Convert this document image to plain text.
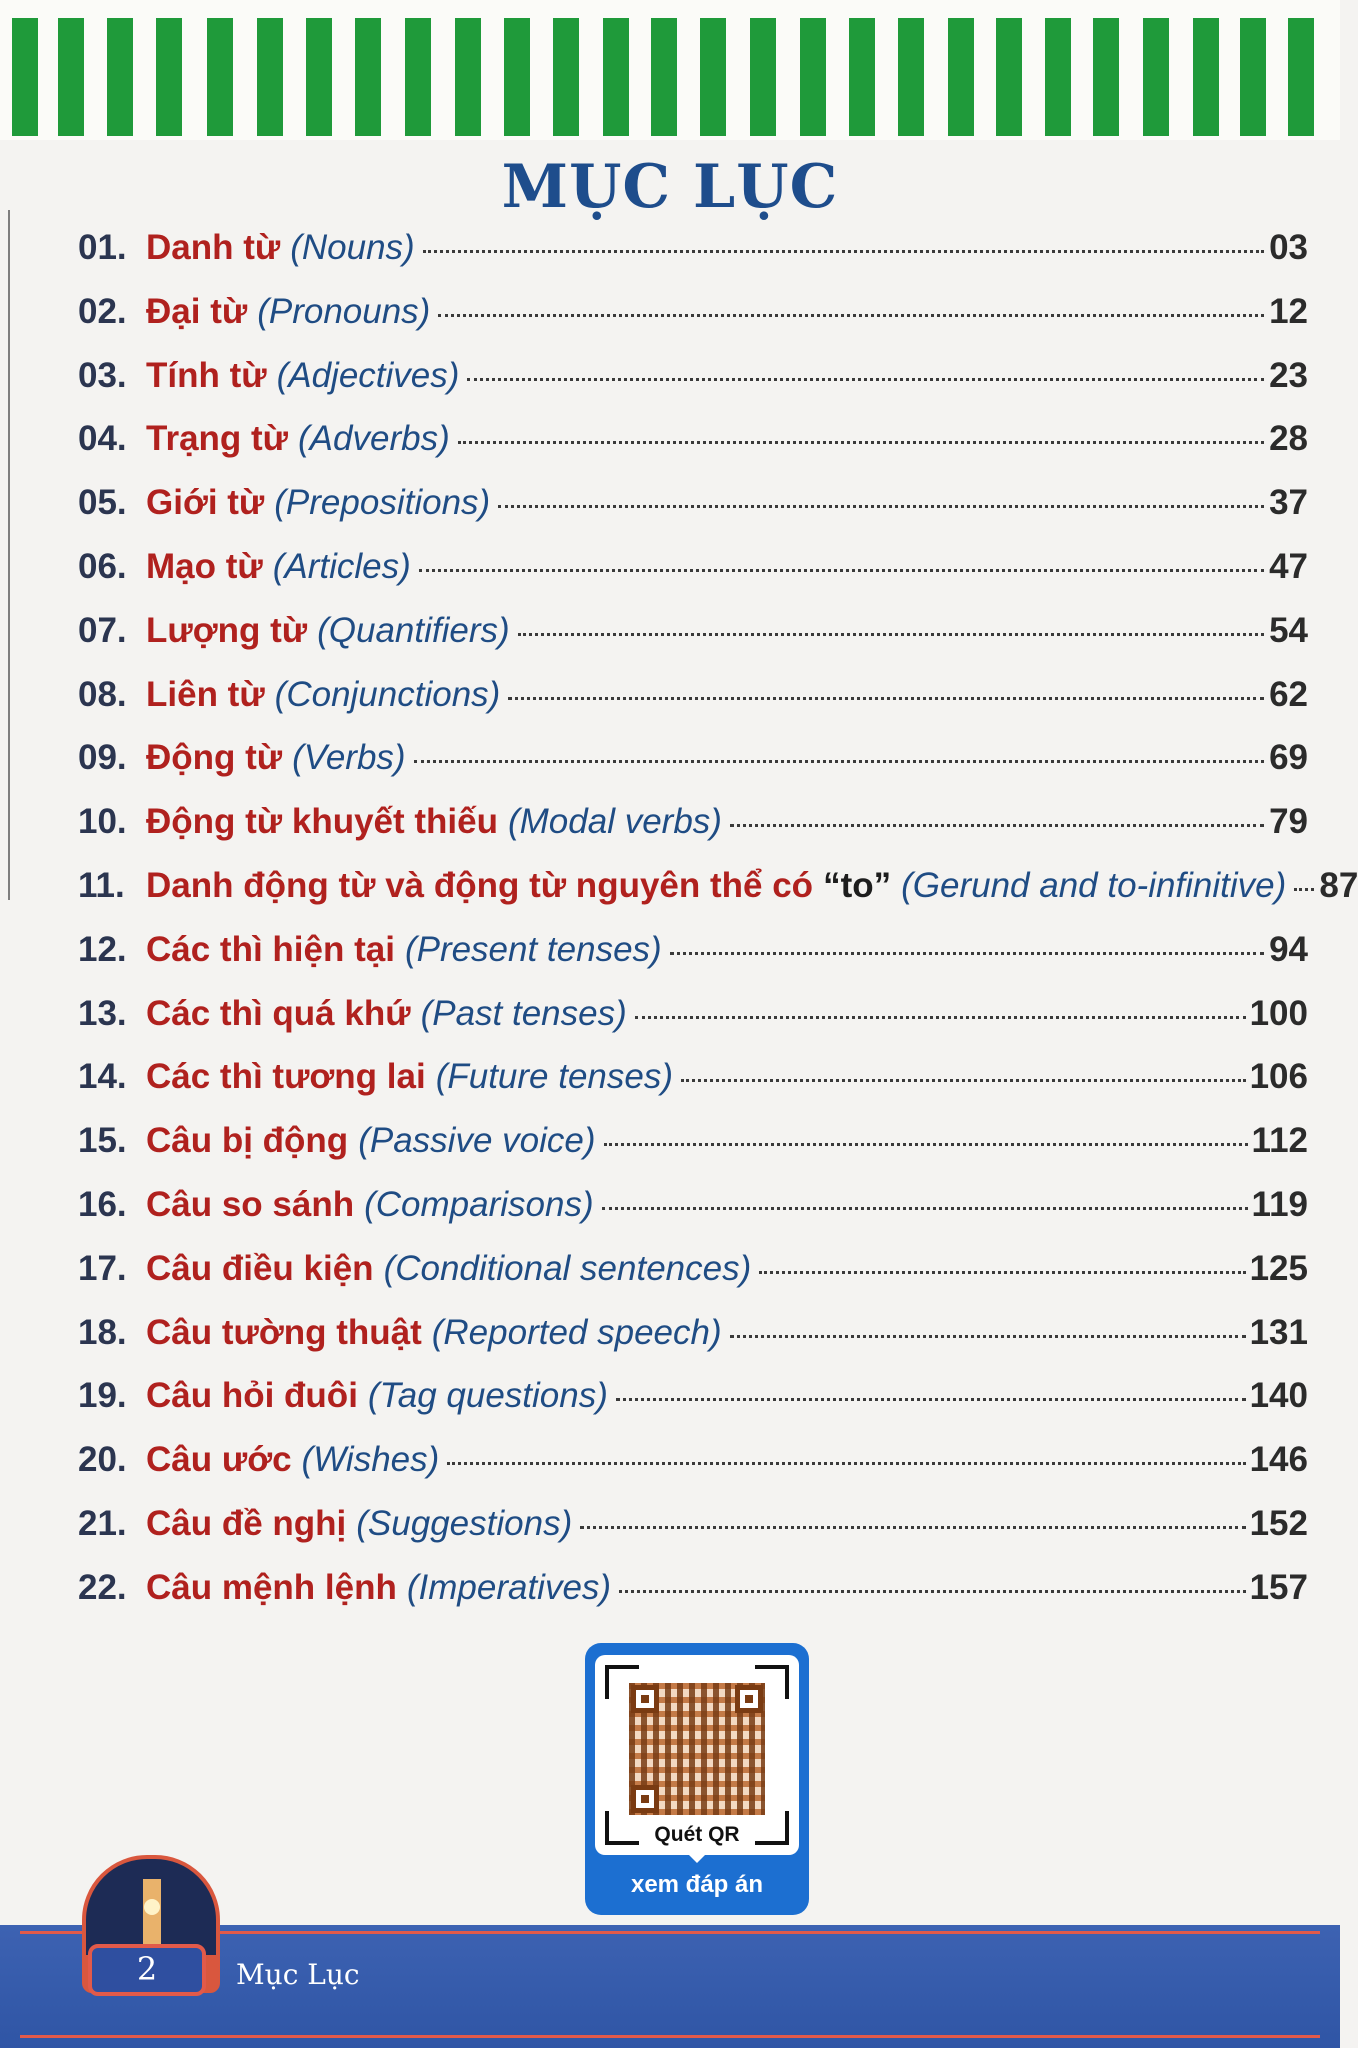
MỤC LỤC
01. Danh từ (Nouns)	03
02. Đại từ (Pronouns)	12
03. Tính từ (Adjectives)	23
04. Trạng từ (Adverbs)	28
05. Giới từ (Prepositions)	37
06. Mạo từ (Articles)	47
07. Lượng từ (Quantifiers)	54
08. Liên từ (Conjunctions)	62
09. Động từ (Verbs)	69
10. Động từ khuyết thiếu (Modal verbs)	79
11. Danh động từ và động từ nguyên thể có “to” (Gerund and to-infinitive) 87
12. Các thì hiện tại (Present tenses)	94
13. Các thì quá khứ (Past tenses)	100
14. Các thì tương lai (Future tenses)	106
15. Câu bị động (Passive voice)	112
16. Câu so sánh (Comparisons)	119
17. Câu điều kiện (Conditional sentences)	125
18. Câu tường thuật (Reported speech)	131
19. Câu hỏi đuôi (Tag questions)	140
20. Câu ước (Wishes)	146
21. Câu đề nghị (Suggestions)	152
22. Câu mệnh lệnh (Imperatives)	157
Quét QR
xem đáp án
2	Mục Lục
